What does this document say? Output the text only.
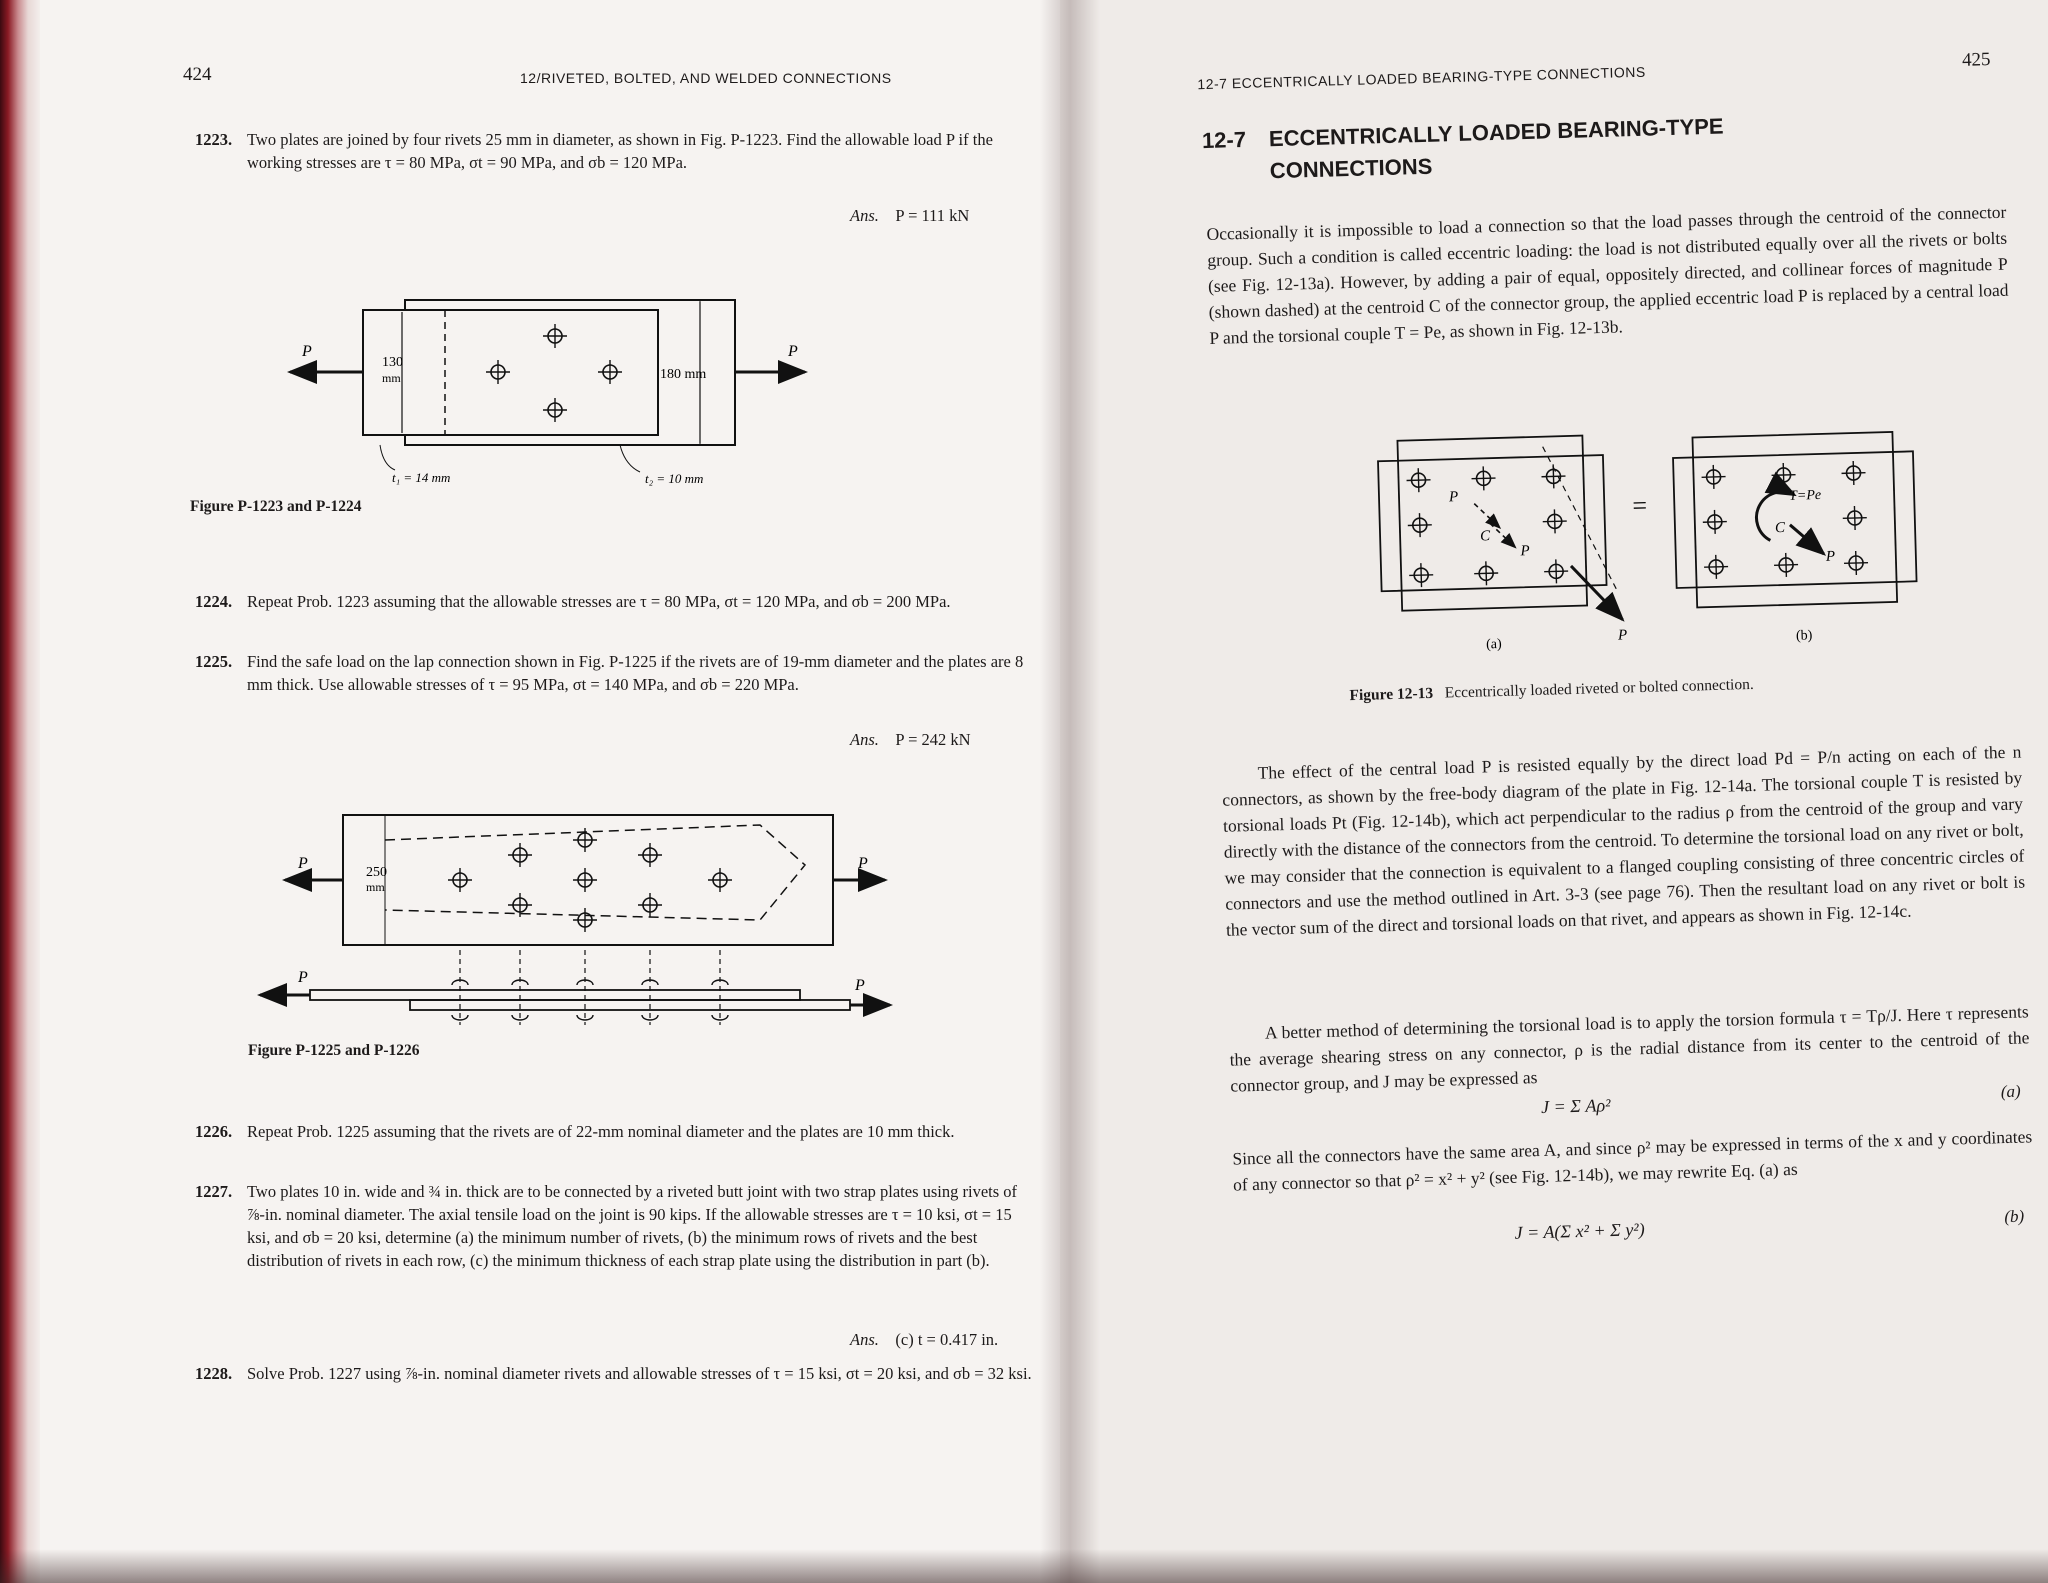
424	12/RIVETED, BOLTED, AND WELDED CONNECTIONS
1223. Two plates are joined by four rivets 25 mm in diameter, as shown in Fig. P-1223. Find the allowable load P if the working stresses are τ = 80 MPa, σt = 90 MPa, and σb = 120 MPa.
Ans. P = 111 kN
P	P
130
mm	180 mm
t₁ = 14 mm	t₂ = 10 mm
Figure P-1223 and P-1224
1224. Repeat Prob. 1223 assuming that the allowable stresses are τ = 80 MPa, σt = 120 MPa, and σb = 200 MPa.
1225. Find the safe load on the lap connection shown in Fig. P-1225 if the rivets are of 19-mm diameter and the plates are 8 mm thick. Use allowable stresses of τ = 95 MPa, σt = 140 MPa, and σb = 220 MPa.
Ans. P = 242 kN
P	P
250
mm
P	P
Figure P-1225 and P-1226
1226. Repeat Prob. 1225 assuming that the rivets are of 22-mm nominal diameter and the plates are 10 mm thick.
1227. Two plates 10 in. wide and ¾ in. thick are to be connected by a riveted butt joint with two strap plates using rivets of ⅞-in. nominal diameter. The axial tensile load on the joint is 90 kips. If the allowable stresses are τ = 10 ksi, σt = 15 ksi, and σb = 20 ksi, determine (a) the minimum number of rivets, (b) the minimum rows of rivets and the best distribution of rivets in each row, (c) the minimum thickness of each strap plate using the distribution in part (b).
Ans. (c) t = 0.417 in.
1228. Solve Prob. 1227 using ⅞-in. nominal diameter rivets and allowable stresses of τ = 15 ksi, σt = 20 ksi, and σb = 32 ksi.
12-7 ECCENTRICALLY LOADED BEARING-TYPE CONNECTIONS
425
12-7 ECCENTRICALLY LOADED BEARING-TYPE
CONNECTIONS
Occasionally it is impossible to load a connection so that the load passes through the centroid of the connector group. Such a condition is called eccentric loading: the load is not distributed equally over all the rivets or bolts (see Fig. 12-13a). However, by adding a pair of equal, oppositely directed, and collinear forces of magnitude P (shown dashed) at the centroid C of the connector group, the applied eccentric load P is replaced by a central load P and the torsional couple T = Pe, as shown in Fig. 12-13b.
P
C
P
P
=	T=Pe
C
P
(a)
(b)
Figure 12-13 Eccentrically loaded riveted or bolted connection.
The effect of the central load P is resisted equally by the direct load Pd = P/n acting on each of the n connectors, as shown by the free-body diagram of the plate in Fig. 12-14a. The torsional couple T is resisted by torsional loads Pt (Fig. 12-14b), which act perpendicular to the radius ρ from the centroid of the group and vary directly with the distance of the connectors from the centroid. To determine the torsional load on any rivet or bolt, we may consider that the connection is equivalent to a flanged coupling consisting of three concentric circles of connectors and use the method outlined in Art. 3-3 (see page 76). Then the resultant load on any rivet or bolt is the vector sum of the direct and torsional loads on that rivet, and appears as shown in Fig. 12-14c.
A better method of determining the torsional load is to apply the torsion formula τ = Tρ/J. Here τ represents the average shearing stress on any connector, ρ is the radial distance from its center to the centroid of the connector group, and J may be expressed as
J = Σ Aρ²
(a)
Since all the connectors have the same area A, and since ρ² may be expressed in terms of the x and y coordinates of any connector so that ρ² = x² + y² (see Fig. 12-14b), we may rewrite Eq. (a) as
J = A(Σ x² + Σ y²)
(b)
